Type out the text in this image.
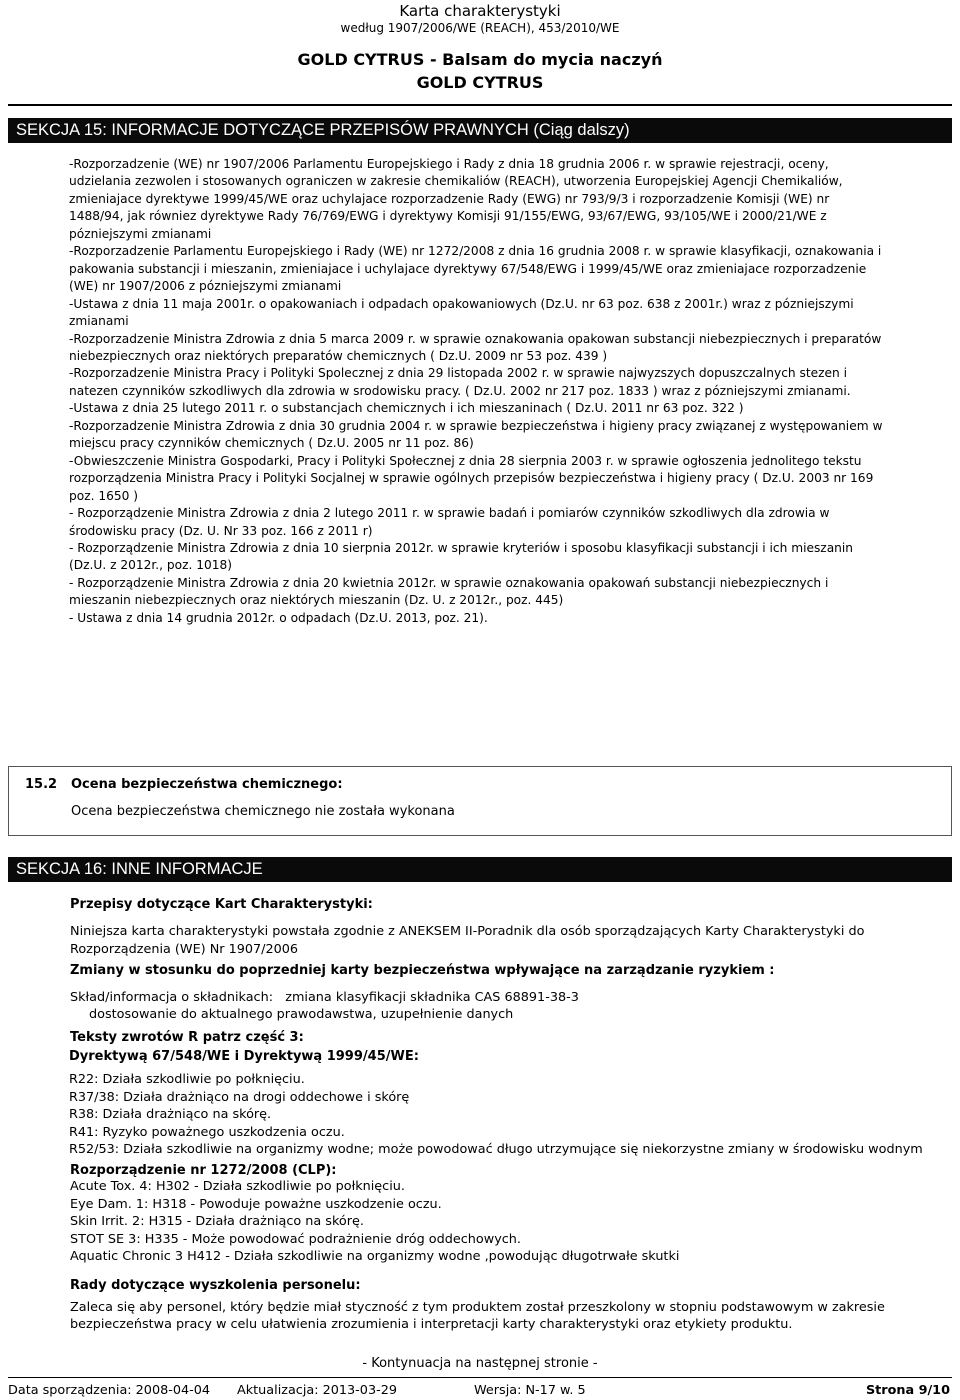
Karta charakterystyki
według 1907/2006/WE (REACH), 453/2010/WE
GOLD CYTRUS - Balsam do mycia naczyń
GOLD CYTRUS
SEKCJA 15: INFORMACJE DOTYCZĄCE PRZEPISÓW PRAWNYCH (Ciąg dalszy)
-Rozporzadzenie (WE) nr 1907/2006 Parlamentu Europejskiego i Rady z dnia 18 grudnia 2006 r. w sprawie rejestracji, oceny,
udzielania zezwolen i stosowanych ograniczen w zakresie chemikaliów (REACH), utworzenia Europejskiej Agencji Chemikaliów,
zmieniajace dyrektywe 1999/45/WE oraz uchylajace rozporzadzenie Rady (EWG) nr 793/9/3 i rozporzadzenie Komisji (WE) nr
1488/94, jak równiez dyrektywe Rady 76/769/EWG i dyrektywy Komisji 91/155/EWG, 93/67/EWG, 93/105/WE i 2000/21/WE z
pózniejszymi zmianami
-Rozporzadzenie Parlamentu Europejskiego i Rady (WE) nr 1272/2008 z dnia 16 grudnia 2008 r. w sprawie klasyfikacji, oznakowania i
pakowania substancji i mieszanin, zmieniajace i uchylajace dyrektywy 67/548/EWG i 1999/45/WE oraz zmieniajace rozporzadzenie
(WE) nr 1907/2006 z pózniejszymi zmianami
-Ustawa z dnia 11 maja 2001r. o opakowaniach i odpadach opakowaniowych (Dz.U. nr 63 poz. 638 z 2001r.) wraz z pózniejszymi
zmianami
-Rozporzadzenie Ministra Zdrowia z dnia 5 marca 2009 r. w sprawie oznakowania opakowan substancji niebezpiecznych i preparatów
niebezpiecznych oraz niektórych preparatów chemicznych ( Dz.U. 2009 nr 53 poz. 439 )
-Rozporzadzenie Ministra Pracy i Polityki Spolecznej z dnia 29 listopada 2002 r. w sprawie najwyzszych dopuszczalnych stezen i
natezen czynników szkodliwych dla zdrowia w srodowisku pracy. ( Dz.U. 2002 nr 217 poz. 1833 ) wraz z pózniejszymi zmianami.
-Ustawa z dnia 25 lutego 2011 r. o substancjach chemicznych i ich mieszaninach ( Dz.U. 2011 nr 63 poz. 322 )
-Rozporzadzenie Ministra Zdrowia z dnia 30 grudnia 2004 r. w sprawie bezpieczeństwa i higieny pracy związanej z występowaniem w
miejscu pracy czynników chemicznych ( Dz.U. 2005 nr 11 poz. 86)
-Obwieszczenie Ministra Gospodarki, Pracy i Polityki Społecznej z dnia 28 sierpnia 2003 r. w sprawie ogłoszenia jednolitego tekstu
rozporządzenia Ministra Pracy i Polityki Socjalnej w sprawie ogólnych przepisów bezpieczeństwa i higieny pracy ( Dz.U. 2003 nr 169
poz. 1650 )
- Rozporządzenie Ministra Zdrowia z dnia 2 lutego 2011 r. w sprawie badań i pomiarów czynników szkodliwych dla zdrowia w
środowisku pracy (Dz. U. Nr 33 poz. 166 z 2011 r)
- Rozporządzenie Ministra Zdrowia z dnia 10 sierpnia 2012r. w sprawie kryteriów i sposobu klasyfikacji substancji i ich mieszanin
(Dz.U. z 2012r., poz. 1018)
- Rozporządzenie Ministra Zdrowia z dnia 20 kwietnia 2012r. w sprawie oznakowania opakowań substancji niebezpiecznych i
mieszanin niebezpiecznych oraz niektórych mieszanin (Dz. U. z 2012r., poz. 445)
- Ustawa z dnia 14 grudnia 2012r. o odpadach (Dz.U. 2013, poz. 21).
15.2 Ocena bezpieczeństwa chemicznego:
Ocena bezpieczeństwa chemicznego nie została wykonana
SEKCJA 16: INNE INFORMACJE
Przepisy dotyczące Kart Charakterystyki:
Niniejsza karta charakterystyki powstała zgodnie z ANEKSEM II-Poradnik dla osób sporządzających Karty Charakterystyki do
Rozporządzenia (WE) Nr 1907/2006
Zmiany w stosunku do poprzedniej karty bezpieczeństwa wpływające na zarządzanie ryzykiem :
Skład/informacja o składnikach:   zmiana klasyfikacji składnika CAS 68891-38-3
dostosowanie do aktualnego prawodawstwa, uzupełnienie danych
Teksty zwrotów R patrz część 3:
Dyrektywą 67/548/WE i Dyrektywą 1999/45/WE:
R22: Działa szkodliwie po połknięciu.
R37/38: Działa drażniąco na drogi oddechowe i skórę
R38: Działa drażniąco na skórę.
R41: Ryzyko poważnego uszkodzenia oczu.
R52/53: Działa szkodliwie na organizmy wodne; może powodować długo utrzymujące się niekorzystne zmiany w środowisku wodnym
Rozporządzenie nr 1272/2008 (CLP):
Acute Tox. 4: H302 - Działa szkodliwie po połknięciu.
Eye Dam. 1: H318 - Powoduje poważne uszkodzenie oczu.
Skin Irrit. 2: H315 - Działa drażniąco na skórę.
STOT SE 3: H335 - Może powodować podrażnienie dróg oddechowych.
Aquatic Chronic 3 H412 - Działa szkodliwie na organizmy wodne ,powodując długotrwałe skutki
Rady dotyczące wyszkolenia personelu:
Zaleca się aby personel, który będzie miał styczność z tym produktem został przeszkolony w stopniu podstawowym w zakresie
bezpieczeństwa pracy w celu ułatwienia zrozumienia i interpretacji karty charakterystyki oraz etykiety produktu.
- Kontynuacja na następnej stronie -
Data sporządzenia: 2008-04-04 Aktualizacja: 2013-03-29	Wersja: N-17 w. 5	Strona 9/10
